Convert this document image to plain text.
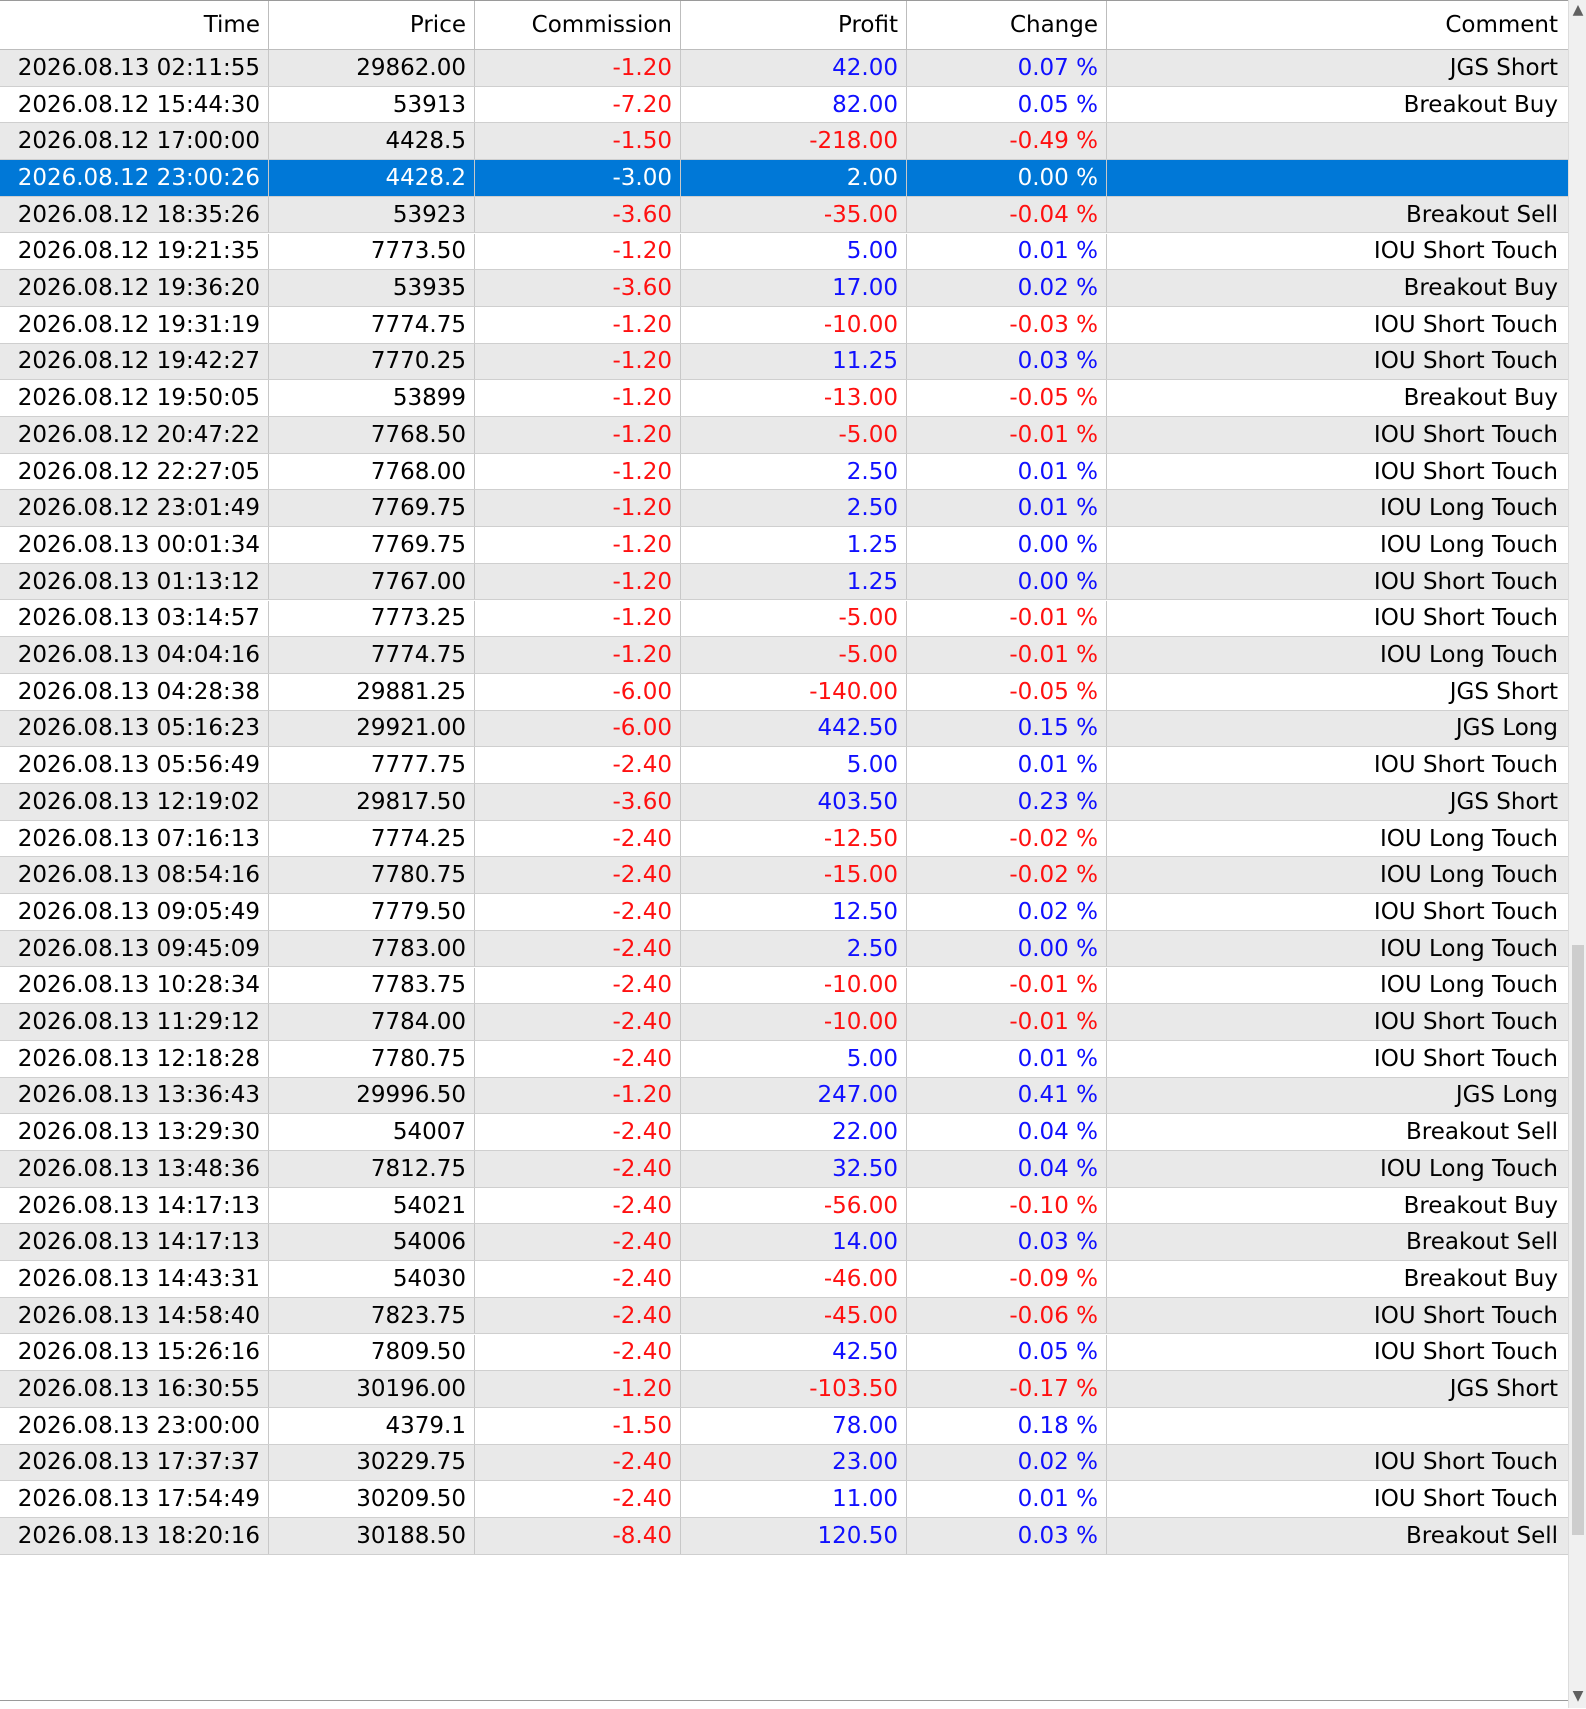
Time	Price	Commission	Profit	Change	Comment
2026.08.13 02:11:55	29862.00	-1.20	42.00	0.07 %	JGS Short
2026.08.12 15:44:30	53913	-7.20	82.00	0.05 %	Breakout Buy
2026.08.12 17:00:00	4428.5	-1.50	-218.00	-0.49 %
2026.08.12 23:00:26	4428.2	-3.00	2.00	0.00 %
2026.08.12 18:35:26	53923	-3.60	-35.00	-0.04 %	Breakout Sell
2026.08.12 19:21:35	7773.50	-1.20	5.00	0.01 %	IOU Short Touch
2026.08.12 19:36:20	53935	-3.60	17.00	0.02 %	Breakout Buy
2026.08.12 19:31:19	7774.75	-1.20	-10.00	-0.03 %	IOU Short Touch
2026.08.12 19:42:27	7770.25	-1.20	11.25	0.03 %	IOU Short Touch
2026.08.12 19:50:05	53899	-1.20	-13.00	-0.05 %	Breakout Buy
2026.08.12 20:47:22	7768.50	-1.20	-5.00	-0.01 %	IOU Short Touch
2026.08.12 22:27:05	7768.00	-1.20	2.50	0.01 %	IOU Short Touch
2026.08.12 23:01:49	7769.75	-1.20	2.50	0.01 %	IOU Long Touch
2026.08.13 00:01:34	7769.75	-1.20	1.25	0.00 %	IOU Long Touch
2026.08.13 01:13:12	7767.00	-1.20	1.25	0.00 %	IOU Short Touch
2026.08.13 03:14:57	7773.25	-1.20	-5.00	-0.01 %	IOU Short Touch
2026.08.13 04:04:16	7774.75	-1.20	-5.00	-0.01 %	IOU Long Touch
2026.08.13 04:28:38	29881.25	-6.00	-140.00	-0.05 %	JGS Short
2026.08.13 05:16:23	29921.00	-6.00	442.50	0.15 %	JGS Long
2026.08.13 05:56:49	7777.75	-2.40	5.00	0.01 %	IOU Short Touch
2026.08.13 12:19:02	29817.50	-3.60	403.50	0.23 %	JGS Short
2026.08.13 07:16:13	7774.25	-2.40	-12.50	-0.02 %	IOU Long Touch
2026.08.13 08:54:16	7780.75	-2.40	-15.00	-0.02 %	IOU Long Touch
2026.08.13 09:05:49	7779.50	-2.40	12.50	0.02 %	IOU Short Touch
2026.08.13 09:45:09	7783.00	-2.40	2.50	0.00 %	IOU Long Touch
2026.08.13 10:28:34	7783.75	-2.40	-10.00	-0.01 %	IOU Long Touch
2026.08.13 11:29:12	7784.00	-2.40	-10.00	-0.01 %	IOU Short Touch
2026.08.13 12:18:28	7780.75	-2.40	5.00	0.01 %	IOU Short Touch
2026.08.13 13:36:43	29996.50	-1.20	247.00	0.41 %	JGS Long
2026.08.13 13:29:30	54007	-2.40	22.00	0.04 %	Breakout Sell
2026.08.13 13:48:36	7812.75	-2.40	32.50	0.04 %	IOU Long Touch
2026.08.13 14:17:13	54021	-2.40	-56.00	-0.10 %	Breakout Buy
2026.08.13 14:17:13	54006	-2.40	14.00	0.03 %	Breakout Sell
2026.08.13 14:43:31	54030	-2.40	-46.00	-0.09 %	Breakout Buy
2026.08.13 14:58:40	7823.75	-2.40	-45.00	-0.06 %	IOU Short Touch
2026.08.13 15:26:16	7809.50	-2.40	42.50	0.05 %	IOU Short Touch
2026.08.13 16:30:55	30196.00	-1.20	-103.50	-0.17 %	JGS Short
2026.08.13 23:00:00	4379.1	-1.50	78.00	0.18 %
2026.08.13 17:37:37	30229.75	-2.40	23.00	0.02 %	IOU Short Touch
2026.08.13 17:54:49	30209.50	-2.40	11.00	0.01 %	IOU Short Touch
2026.08.13 18:20:16	30188.50	-8.40	120.50	0.03 %	Breakout Sell
▲
▼
